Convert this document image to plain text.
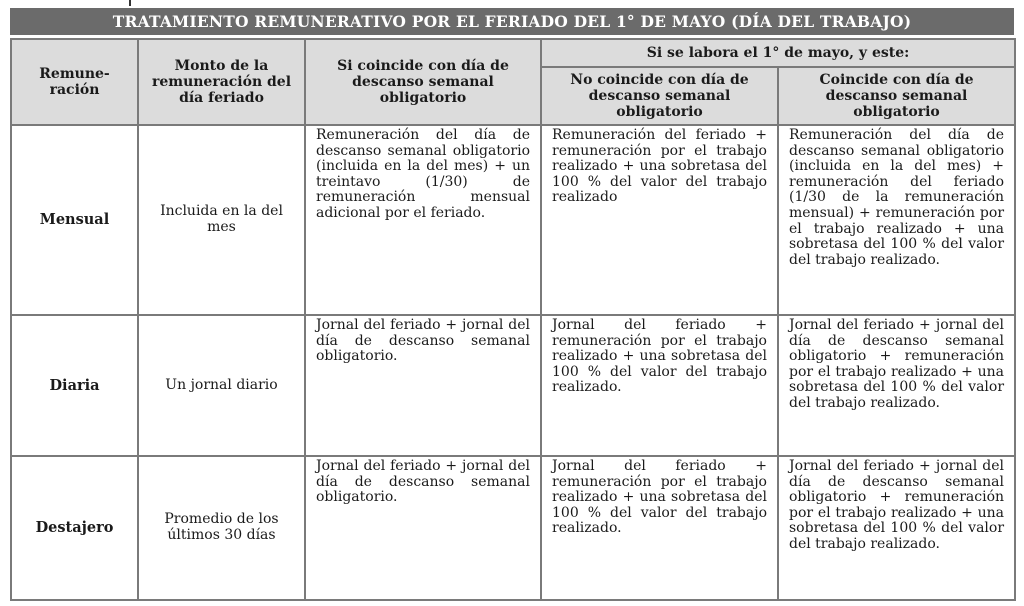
TRATAMIENTO REMUNERATIVO POR EL FERIADO DEL 1° DE MAYO (DÍA DEL TRABAJO)
Remune-ración	Monto de la remuneración del día feriado	Si coincide con día de descanso semanal obligatorio	Si se labora el 1° de mayo, y este:	
			No coincide con día de descanso semanal obligatorio	Coincide con día de descanso semanal obligatorio
Mensual	Incluida en la del mes	Remuneración del día de descanso semanal obligatorio (incluida en la del mes) + un treintavo (1/30) de remuneración mensual adicional por el feriado.	Remuneración del feriado + remuneración por el trabajo realizado + una sobretasa del 100 % del valor del trabajo realizado	Remuneración del día de descanso semanal obligatorio (incluida en la del mes) + remuneración del feriado (1/30 de la remuneración mensual) + remuneración por el trabajo realizado + una sobretasa del 100 % del valor del trabajo realizado.
Diaria	Un jornal diario	Jornal del feriado + jornal del día de descanso semanal obligatorio.	Jornal del feriado + remuneración por el trabajo realizado + una sobretasa del 100 % del valor del trabajo realizado.	Jornal del feriado + jornal del día de descanso semanal obligatorio + remuneración por el trabajo realizado + una sobretasa del 100 % del valor del trabajo realizado.
Destajero	Promedio de los últimos 30 días	Jornal del feriado + jornal del día de descanso semanal obligatorio.	Jornal del feriado + remuneración por el trabajo realizado + una sobretasa del 100 % del valor del trabajo realizado.	Jornal del feriado + jornal del día de descanso semanal obligatorio + remuneración por el trabajo realizado + una sobretasa del 100 % del valor del trabajo realizado.
